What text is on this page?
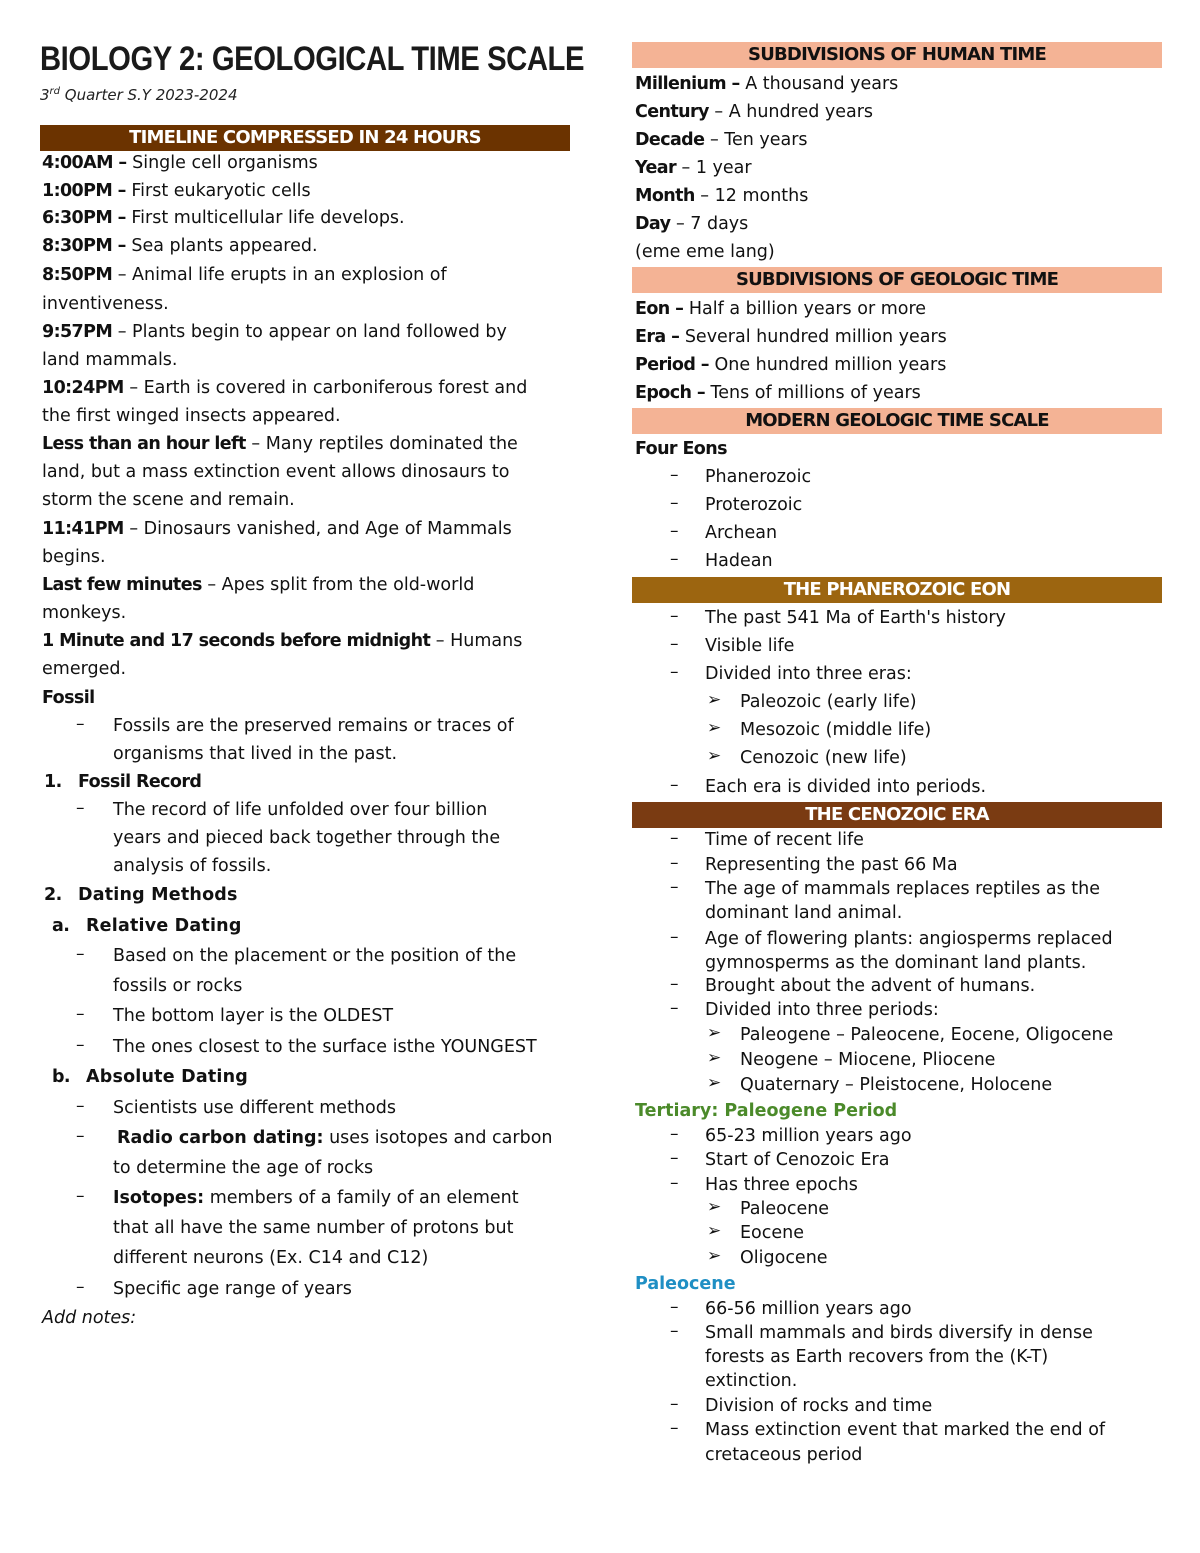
BIOLOGY 2: GEOLOGICAL TIME SCALE
3rd Quarter S.Y 2023-2024
TIMELINE COMPRESSED IN 24 HOURS
4:00AM – Single cell organisms
1:00PM – First eukaryotic cells
6:30PM – First multicellular life develops.
8:30PM – Sea plants appeared.
8:50PM – Animal life erupts in an explosion of
inventiveness.
9:57PM – Plants begin to appear on land followed by
land mammals.
10:24PM – Earth is covered in carboniferous forest and
the first winged insects appeared.
Less than an hour left – Many reptiles dominated the
land, but a mass extinction event allows dinosaurs to
storm the scene and remain.
11:41PM – Dinosaurs vanished, and Age of Mammals
begins.
Last few minutes – Apes split from the old-world
monkeys.
1 Minute and 17 seconds before midnight – Humans
emerged.
Fossil
– Fossils are the preserved remains or traces of
organisms that lived in the past.
1. Fossil Record
– The record of life unfolded over four billion
years and pieced back together through the
analysis of fossils.
2. Dating Methods
a. Relative Dating
– Based on the placement or the position of the
fossils or rocks
– The bottom layer is the OLDEST
– The ones closest to the surface isthe YOUNGEST
b. Absolute Dating
– Scientists use different methods
– Radio carbon dating: uses isotopes and carbon
to determine the age of rocks
– Isotopes: members of a family of an element
that all have the same number of protons but
different neurons (Ex. C14 and C12)
– Specific age range of years
Add notes:
SUBDIVISIONS OF HUMAN TIME
Millenium – A thousand years
Century – A hundred years
Decade – Ten years
Year – 1 year
Month – 12 months
Day – 7 days
(eme eme lang)
SUBDIVISIONS OF GEOLOGIC TIME
Eon – Half a billion years or more
Era – Several hundred million years
Period – One hundred million years
Epoch – Tens of millions of years
MODERN GEOLOGIC TIME SCALE
Four Eons
– Phanerozoic
– Proterozoic
– Archean
– Hadean
THE PHANEROZOIC EON
– The past 541 Ma of Earth's history
– Visible life
– Divided into three eras:
➢ Paleozoic (early life)
➢ Mesozoic (middle life)
➢ Cenozoic (new life)
– Each era is divided into periods.
THE CENOZOIC ERA
– Time of recent life
– Representing the past 66 Ma
– The age of mammals replaces reptiles as the
dominant land animal.
– Age of flowering plants: angiosperms replaced
gymnosperms as the dominant land plants.
– Brought about the advent of humans.
– Divided into three periods:
➢ Paleogene – Paleocene, Eocene, Oligocene
➢ Neogene – Miocene, Pliocene
➢ Quaternary – Pleistocene, Holocene
Tertiary: Paleogene Period
– 65-23 million years ago
– Start of Cenozoic Era
– Has three epochs
➢ Paleocene
➢ Eocene
➢ Oligocene
Paleocene
– 66-56 million years ago
– Small mammals and birds diversify in dense
forests as Earth recovers from the (K-T)
extinction.
– Division of rocks and time
– Mass extinction event that marked the end of
cretaceous period
